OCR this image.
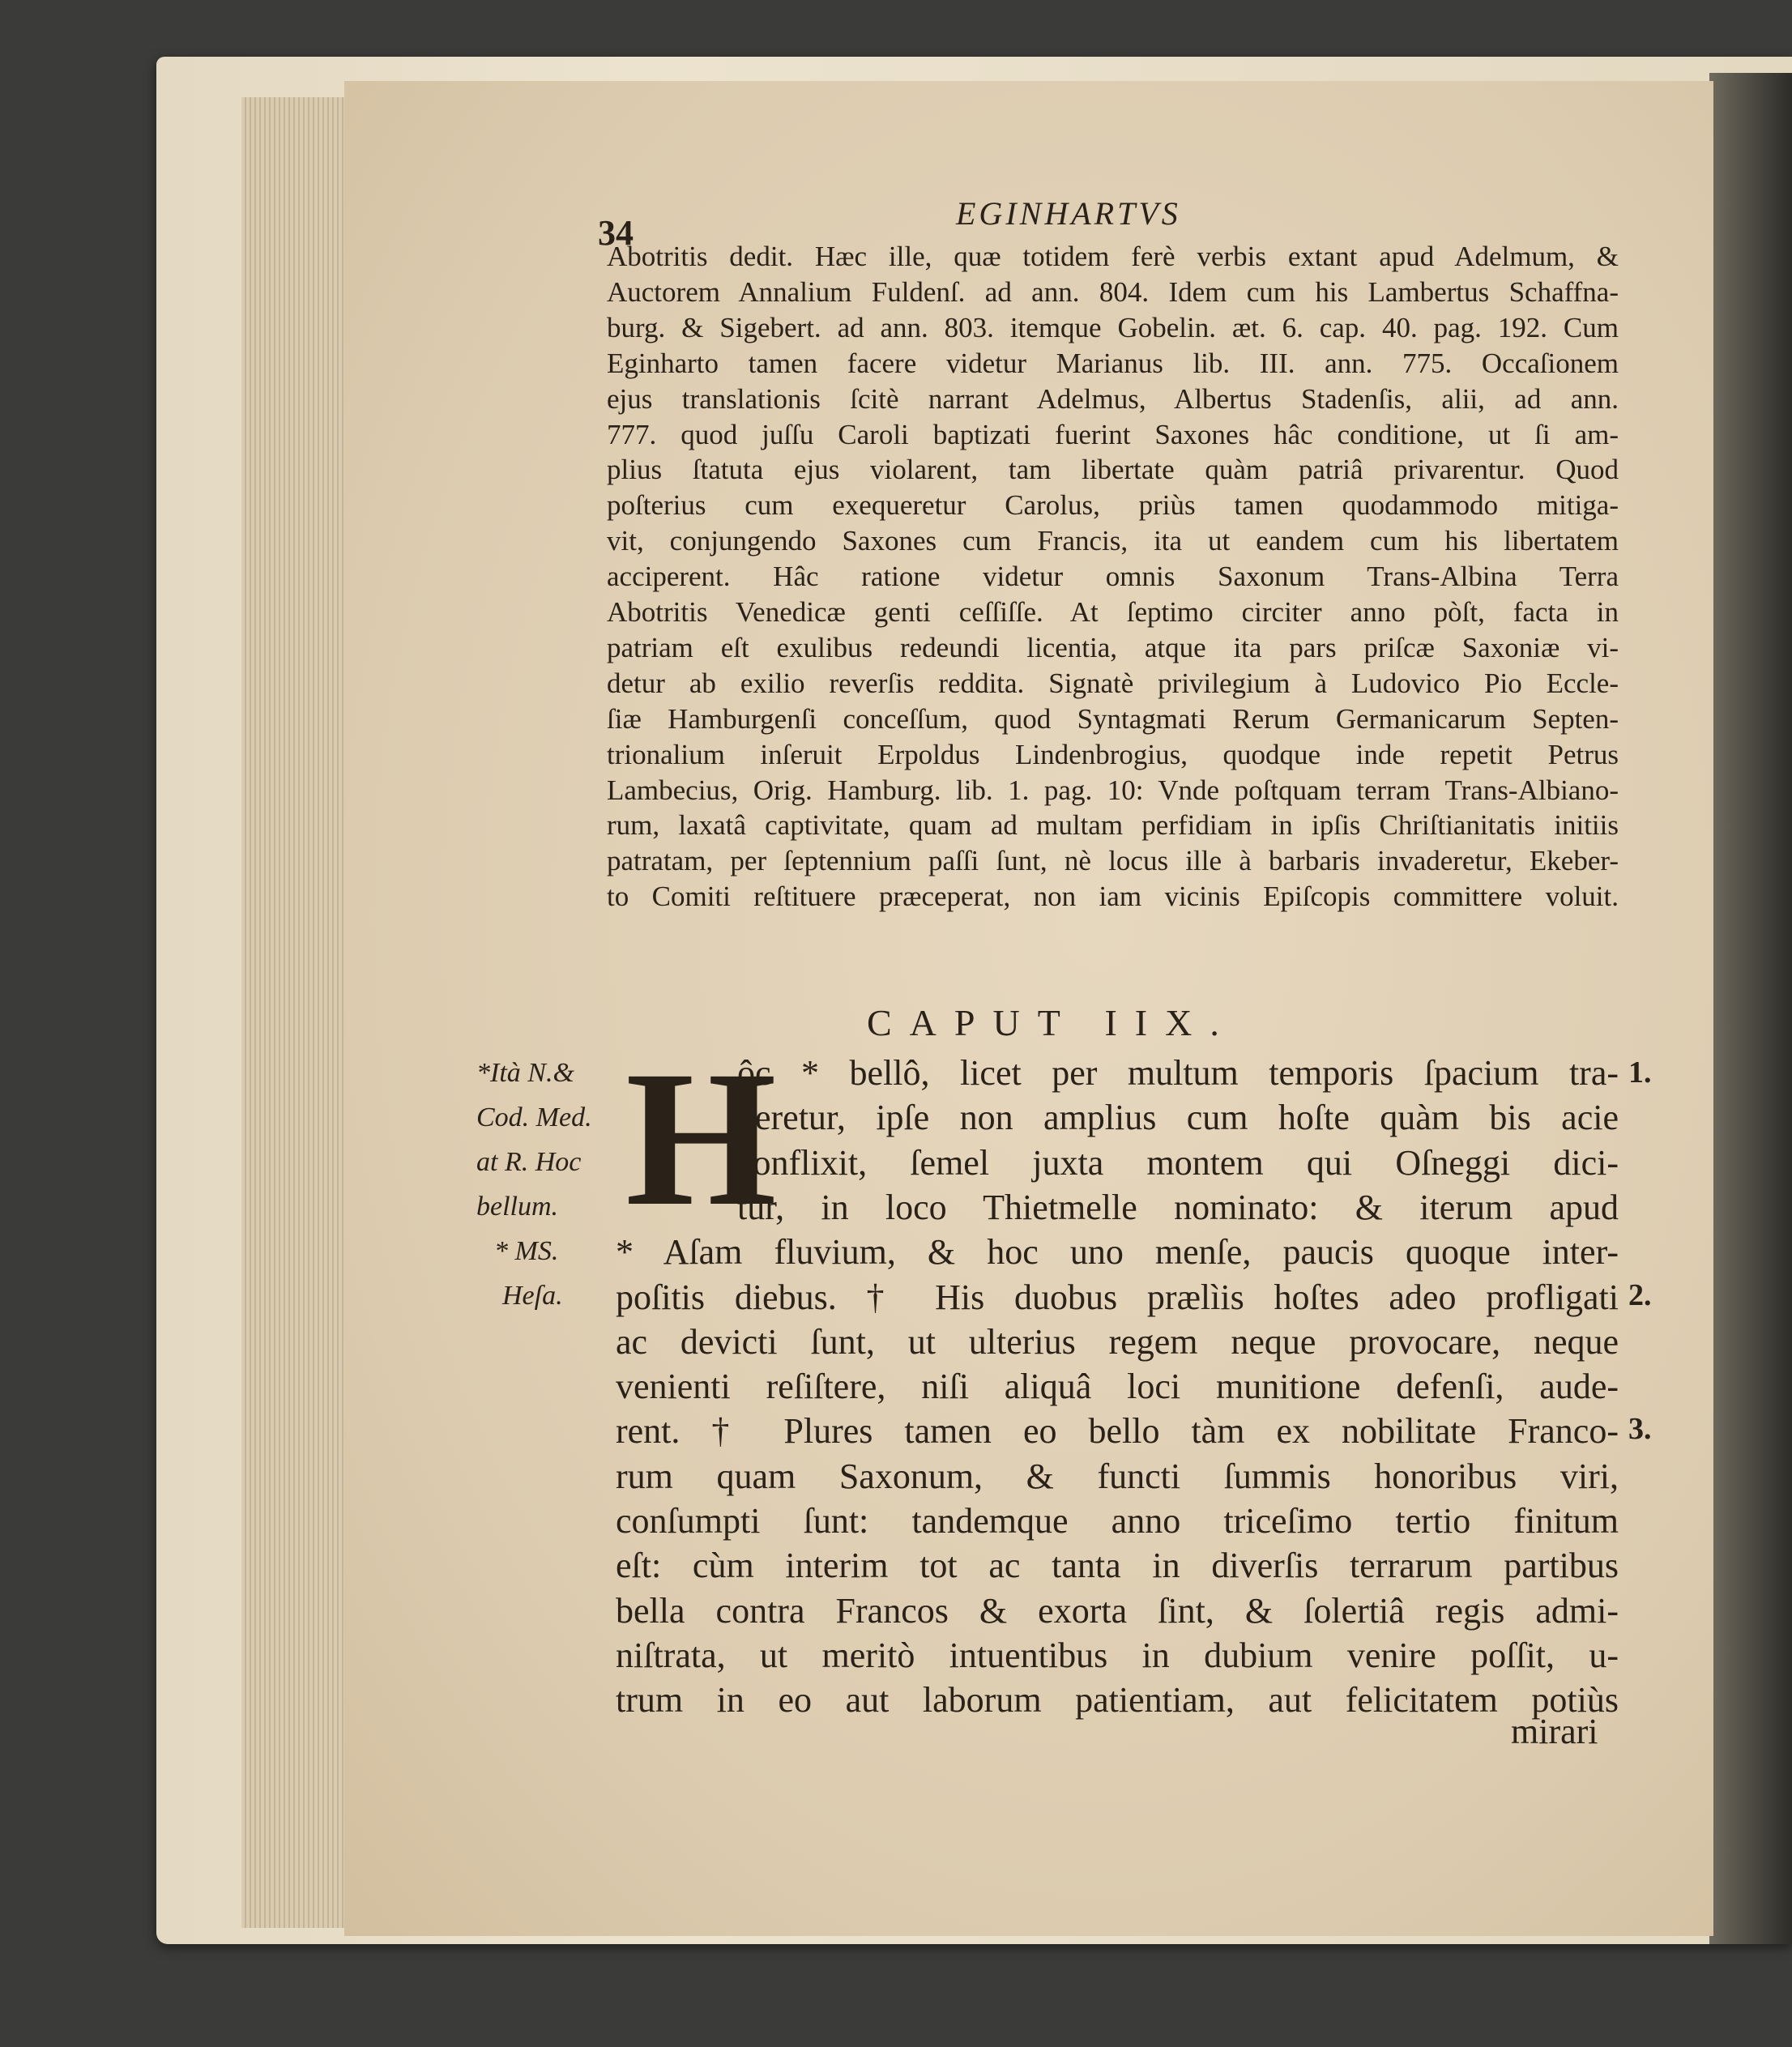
34	EGINHARTVS
Abotritis dedit. Hæc ille, quæ totidem ferè verbis extant apud Adelmum, &
Auctorem Annalium Fuldenſ. ad ann. 804. Idem cum his Lambertus Schaffna-
burg. & Sigebert. ad ann. 803. itemque Gobelin. æt. 6. cap. 40. pag. 192. Cum
Eginharto tamen facere videtur Marianus lib. III. ann. 775. Occaſionem
ejus translationis ſcitè narrant Adelmus, Albertus Stadenſis, alii, ad ann.
777. quod juſſu Caroli baptizati fuerint Saxones hâc conditione, ut ſi am-
plius ſtatuta ejus violarent, tam libertate quàm patriâ privarentur. Quod
poſterius cum exequeretur Carolus, priùs tamen quodammodo mitiga-
vit, conjungendo Saxones cum Francis, ita ut eandem cum his libertatem
acciperent. Hâc ratione videtur omnis Saxonum Trans-Albina Terra
Abotritis Venedicæ genti ceſſiſſe. At ſeptimo circiter anno pòſt, facta in
patriam eſt exulibus redeundi licentia, atque ita pars priſcæ Saxoniæ vi-
detur ab exilio reverſis reddita. Signatè privilegium à Ludovico Pio Eccle-
ſiæ Hamburgenſi conceſſum, quod Syntagmati Rerum Germanicarum Septen-
trionalium inſeruit Erpoldus Lindenbrogius, quodque inde repetit Petrus
Lambecius, Orig. Hamburg. lib. 1. pag. 10: Vnde poſtquam terram Trans-Albiano-
rum, laxatâ captivitate, quam ad multam perfidiam in ipſis Chriſtianitatis initiis
patratam, per ſeptennium paſſi ſunt, nè locus ille à barbaris invaderetur, Ekeber-
to Comiti reſtituere præceperat, non iam vicinis Epiſcopis committere voluit.
CAPUT IIX.
H
ôc * bellô, licet per multum temporis ſpacium tra-
heretur, ipſe non amplius cum hoſte quàm bis acie
conflixit, ſemel juxta montem qui Oſneggi dici-
tur, in loco Thietmelle nominato: & iterum apud
* Aſam fluvium, & hoc uno menſe, paucis quoque inter-
poſitis diebus. † His duobus prælìis hoſtes adeo profligati
ac devicti ſunt, ut ulterius regem neque provocare, neque
venienti reſiſtere, niſi aliquâ loci munitione defenſi, aude-
rent. † Plures tamen eo bello tàm ex nobilitate Franco-
rum quam Saxonum, & functi ſummis honoribus viri,
conſumpti ſunt: tandemque anno triceſimo tertio finitum
eſt: cùm interim tot ac tanta in diverſis terrarum partibus
bella contra Francos & exorta ſint, & ſolertiâ regis admi-
niſtrata, ut meritò intuentibus in dubium venire poſſit, u-
trum in eo aut laborum patientiam, aut felicitatem potiùs
*Ità N.&
Cod. Med.
at R. Hoc
bellum.
* MS.
Heſa.
1.
2.
3.
mirari
